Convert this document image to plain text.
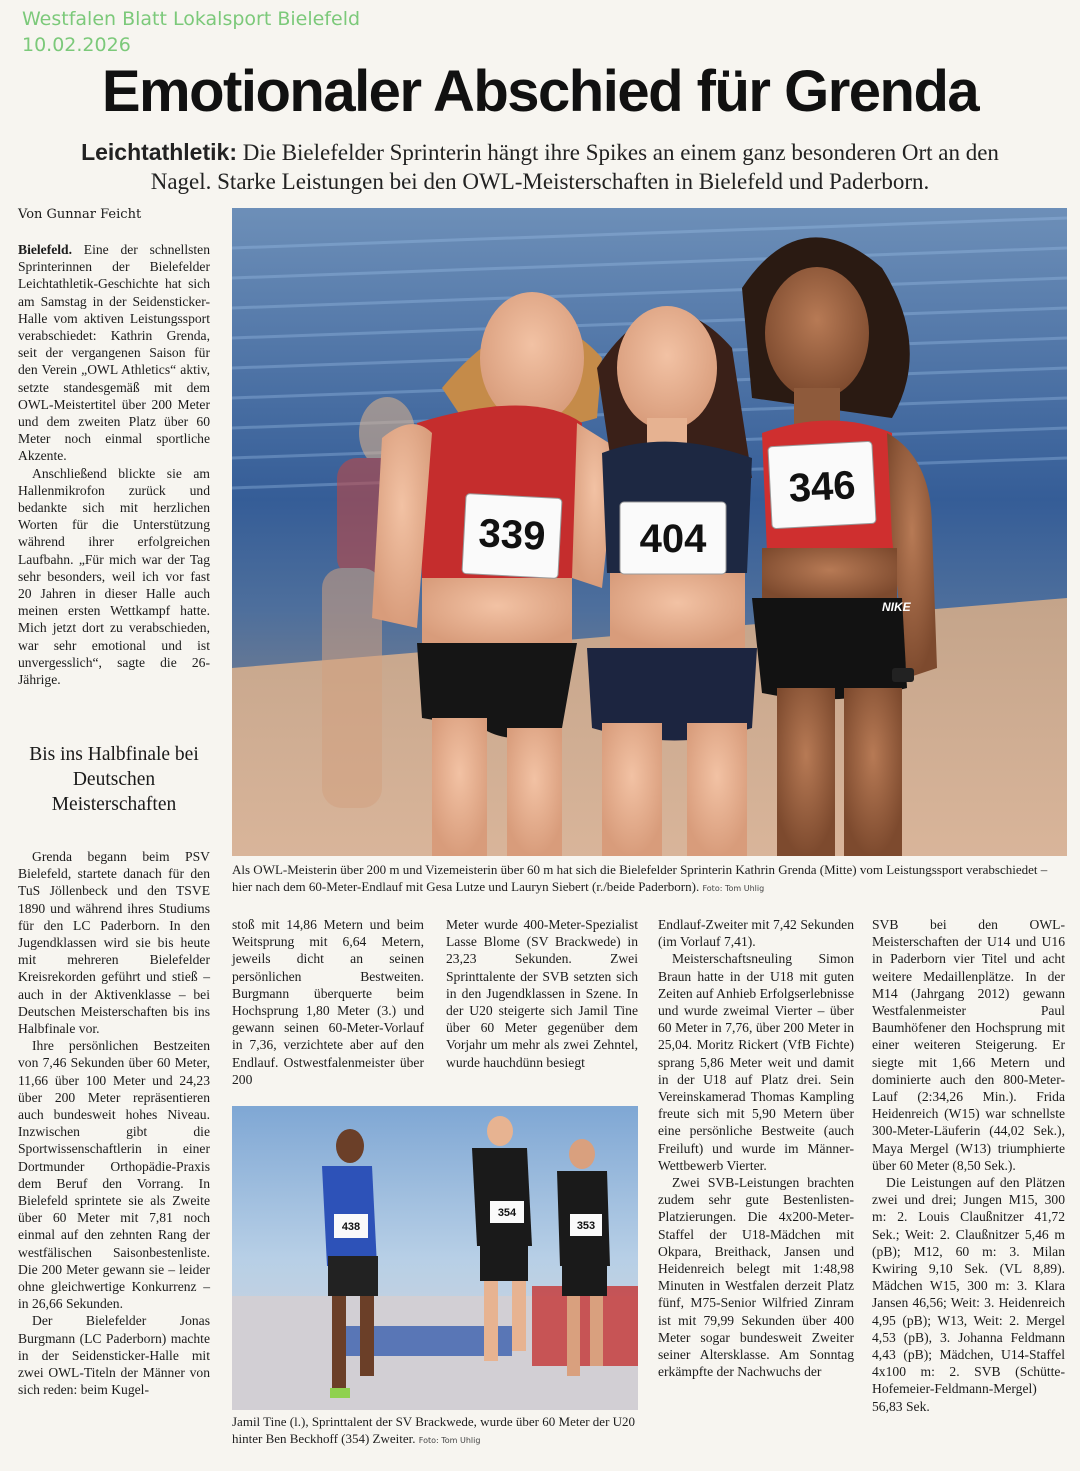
Westfalen Blatt Lokalsport Bielefeld
10.02.2026
Emotionaler Abschied für Grenda
Leichtathletik: Die Bielefelder Sprinterin hängt ihre Spikes an einem ganz besonderen Ort an den Nagel. Starke Leistungen bei den OWL-Meisterschaften in Bielefeld und Paderborn.
Von Gunnar Feicht

Bielefeld. Eine der schnellsten Sprinterinnen der Bielefelder Leichtathletik-Geschichte hat sich am Samstag in der Seidensticker-Halle vom aktiven Leistungssport verabschiedet: Kathrin Grenda, seit der vergangenen Saison für den Verein „OWL Athletics“ aktiv, setzte standesgemäß mit dem OWL-Meistertitel über 200 Meter und dem zweiten Platz über 60 Meter noch einmal sportliche Akzente.

Anschließend blickte sie am Hallenmikrofon zurück und bedankte sich mit herzlichen Worten für die Unterstützung während ihrer erfolgreichen Laufbahn. „Für mich war der Tag sehr besonders, weil ich vor fast 20 Jahren in dieser Halle auch meinen ersten Wettkampf hatte. Mich jetzt dort zu verabschieden, war sehr emotional und ist unvergesslich“, sagte die 26-Jährige.

Bis ins Halbfinale bei Deutschen Meisterschaften

Grenda begann beim PSV Bielefeld, startete danach für den TuS Jöllenbeck und den TSVE 1890 und während ihres Studiums für den LC Paderborn. In den Jugendklassen wird sie bis heute mit mehreren Bielefelder Kreisrekorden geführt und stieß – auch in der Aktivenklasse – bei Deutschen Meisterschaften bis ins Halbfinale vor.

Ihre persönlichen Bestzeiten von 7,46 Sekunden über 60 Meter, 11,66 über 100 Meter und 24,23 über 200 Meter repräsentieren auch bundesweit hohes Niveau. Inzwischen gibt die Sportwissenschaftlerin in einer Dortmunder Orthopädie-Praxis dem Beruf den Vorrang. In Bielefeld sprintete sie als Zweite über 60 Meter mit 7,81 noch einmal auf den zehnten Rang der westfälischen Saisonbestenliste. Die 200 Meter gewann sie – leider ohne gleichwertige Konkurrenz – in 26,66 Sekunden.

Der Bielefelder Jonas Burgmann (LC Paderborn) machte in der Seidensticker-Halle mit zwei OWL-Titeln der Männer von sich reden: beim Kugel-

339 404
346
NIKE
Als OWL-Meisterin über 200 m und Vizemeisterin über 60 m hat sich die Bielefelder Sprinterin Kathrin Grenda (Mitte) vom Leistungssport verabschiedet – hier nach dem 60-Meter-Endlauf mit Gesa Lutze und Lauryn Siebert (r./beide Paderborn). Foto: Tom Uhlig

stoß mit 14,86 Metern und beim Weitsprung mit 6,64 Metern, jeweils dicht an seinen persönlichen Bestweiten. Burgmann überquerte beim Hochsprung 1,80 Meter (3.) und gewann seinen 60-Meter-Vorlauf in 7,36, verzichtete aber auf den Endlauf. Ostwestfalenmeister über 200

Meter wurde 400-Meter-Spezialist Lasse Blome (SV Brackwede) in 23,23 Sekunden. Zwei Sprinttalente der SVB setzten sich in den Jugendklassen in Szene. In der U20 steigerte sich Jamil Tine über 60 Meter gegenüber dem Vorjahr um mehr als zwei Zehntel, wurde hauchdünn besiegt

438
354
353
Jamil Tine (l.), Sprinttalent der SV Brackwede, wurde über 60 Meter der U20 hinter Ben Beckhoff (354) Zweiter. Foto: Tom Uhlig

Endlauf-Zweiter mit 7,42 Sekunden (im Vorlauf 7,41).

Meisterschaftsneuling Simon Braun hatte in der U18 mit guten Zeiten auf Anhieb Erfolgserlebnisse und wurde zweimal Vierter – über 60 Meter in 7,76, über 200 Meter in 25,04. Moritz Rickert (VfB Fichte) sprang 5,86 Meter weit und damit in der U18 auf Platz drei. Sein Vereinskamerad Thomas Kampling freute sich mit 5,90 Metern über eine persönliche Bestweite (auch Freiluft) und wurde im Männer-Wettbewerb Vierter.

Zwei SVB-Leistungen brachten zudem sehr gute Bestenlisten-Platzierungen. Die 4x200-Meter-Staffel der U18-Mädchen mit Okpara, Breithack, Jansen und Heidenreich belegt mit 1:48,98 Minuten in Westfalen derzeit Platz fünf, M75-Senior Wilfried Zinram ist mit 79,99 Sekunden über 400 Meter sogar bundesweit Zweiter seiner Altersklasse. Am Sonntag erkämpfte der Nachwuchs der

SVB bei den OWL-Meisterschaften der U14 und U16 in Paderborn vier Titel und acht weitere Medaillenplätze. In der M14 (Jahrgang 2012) gewann Westfalenmeister Paul Baumhöfener den Hochsprung mit einer weiteren Steigerung. Er siegte mit 1,66 Metern und dominierte auch den 800-Meter-Lauf (2:34,26 Min.). Frida Heidenreich (W15) war schnellste 300-Meter-Läuferin (44,02 Sek.), Maya Mergel (W13) triumphierte über 60 Meter (8,50 Sek.).

Die Leistungen auf den Plätzen zwei und drei; Jungen M15, 300 m: 2. Louis Claußnitzer 41,72 Sek.; Weit: 2. Claußnitzer 5,46 m (pB); M12, 60 m: 3. Milan Kwiring 9,10 Sek. (VL 8,89). Mädchen W15, 300 m: 3. Klara Jansen 46,56; Weit: 3. Heidenreich 4,95 (pB); W13, Weit: 2. Mergel 4,53 (pB), 3. Johanna Feldmann 4,43 (pB); Mädchen, U14-Staffel 4x100 m: 2. SVB (Schütte-Hofemeier-Feldmann-Mergel) 56,83 Sek.
